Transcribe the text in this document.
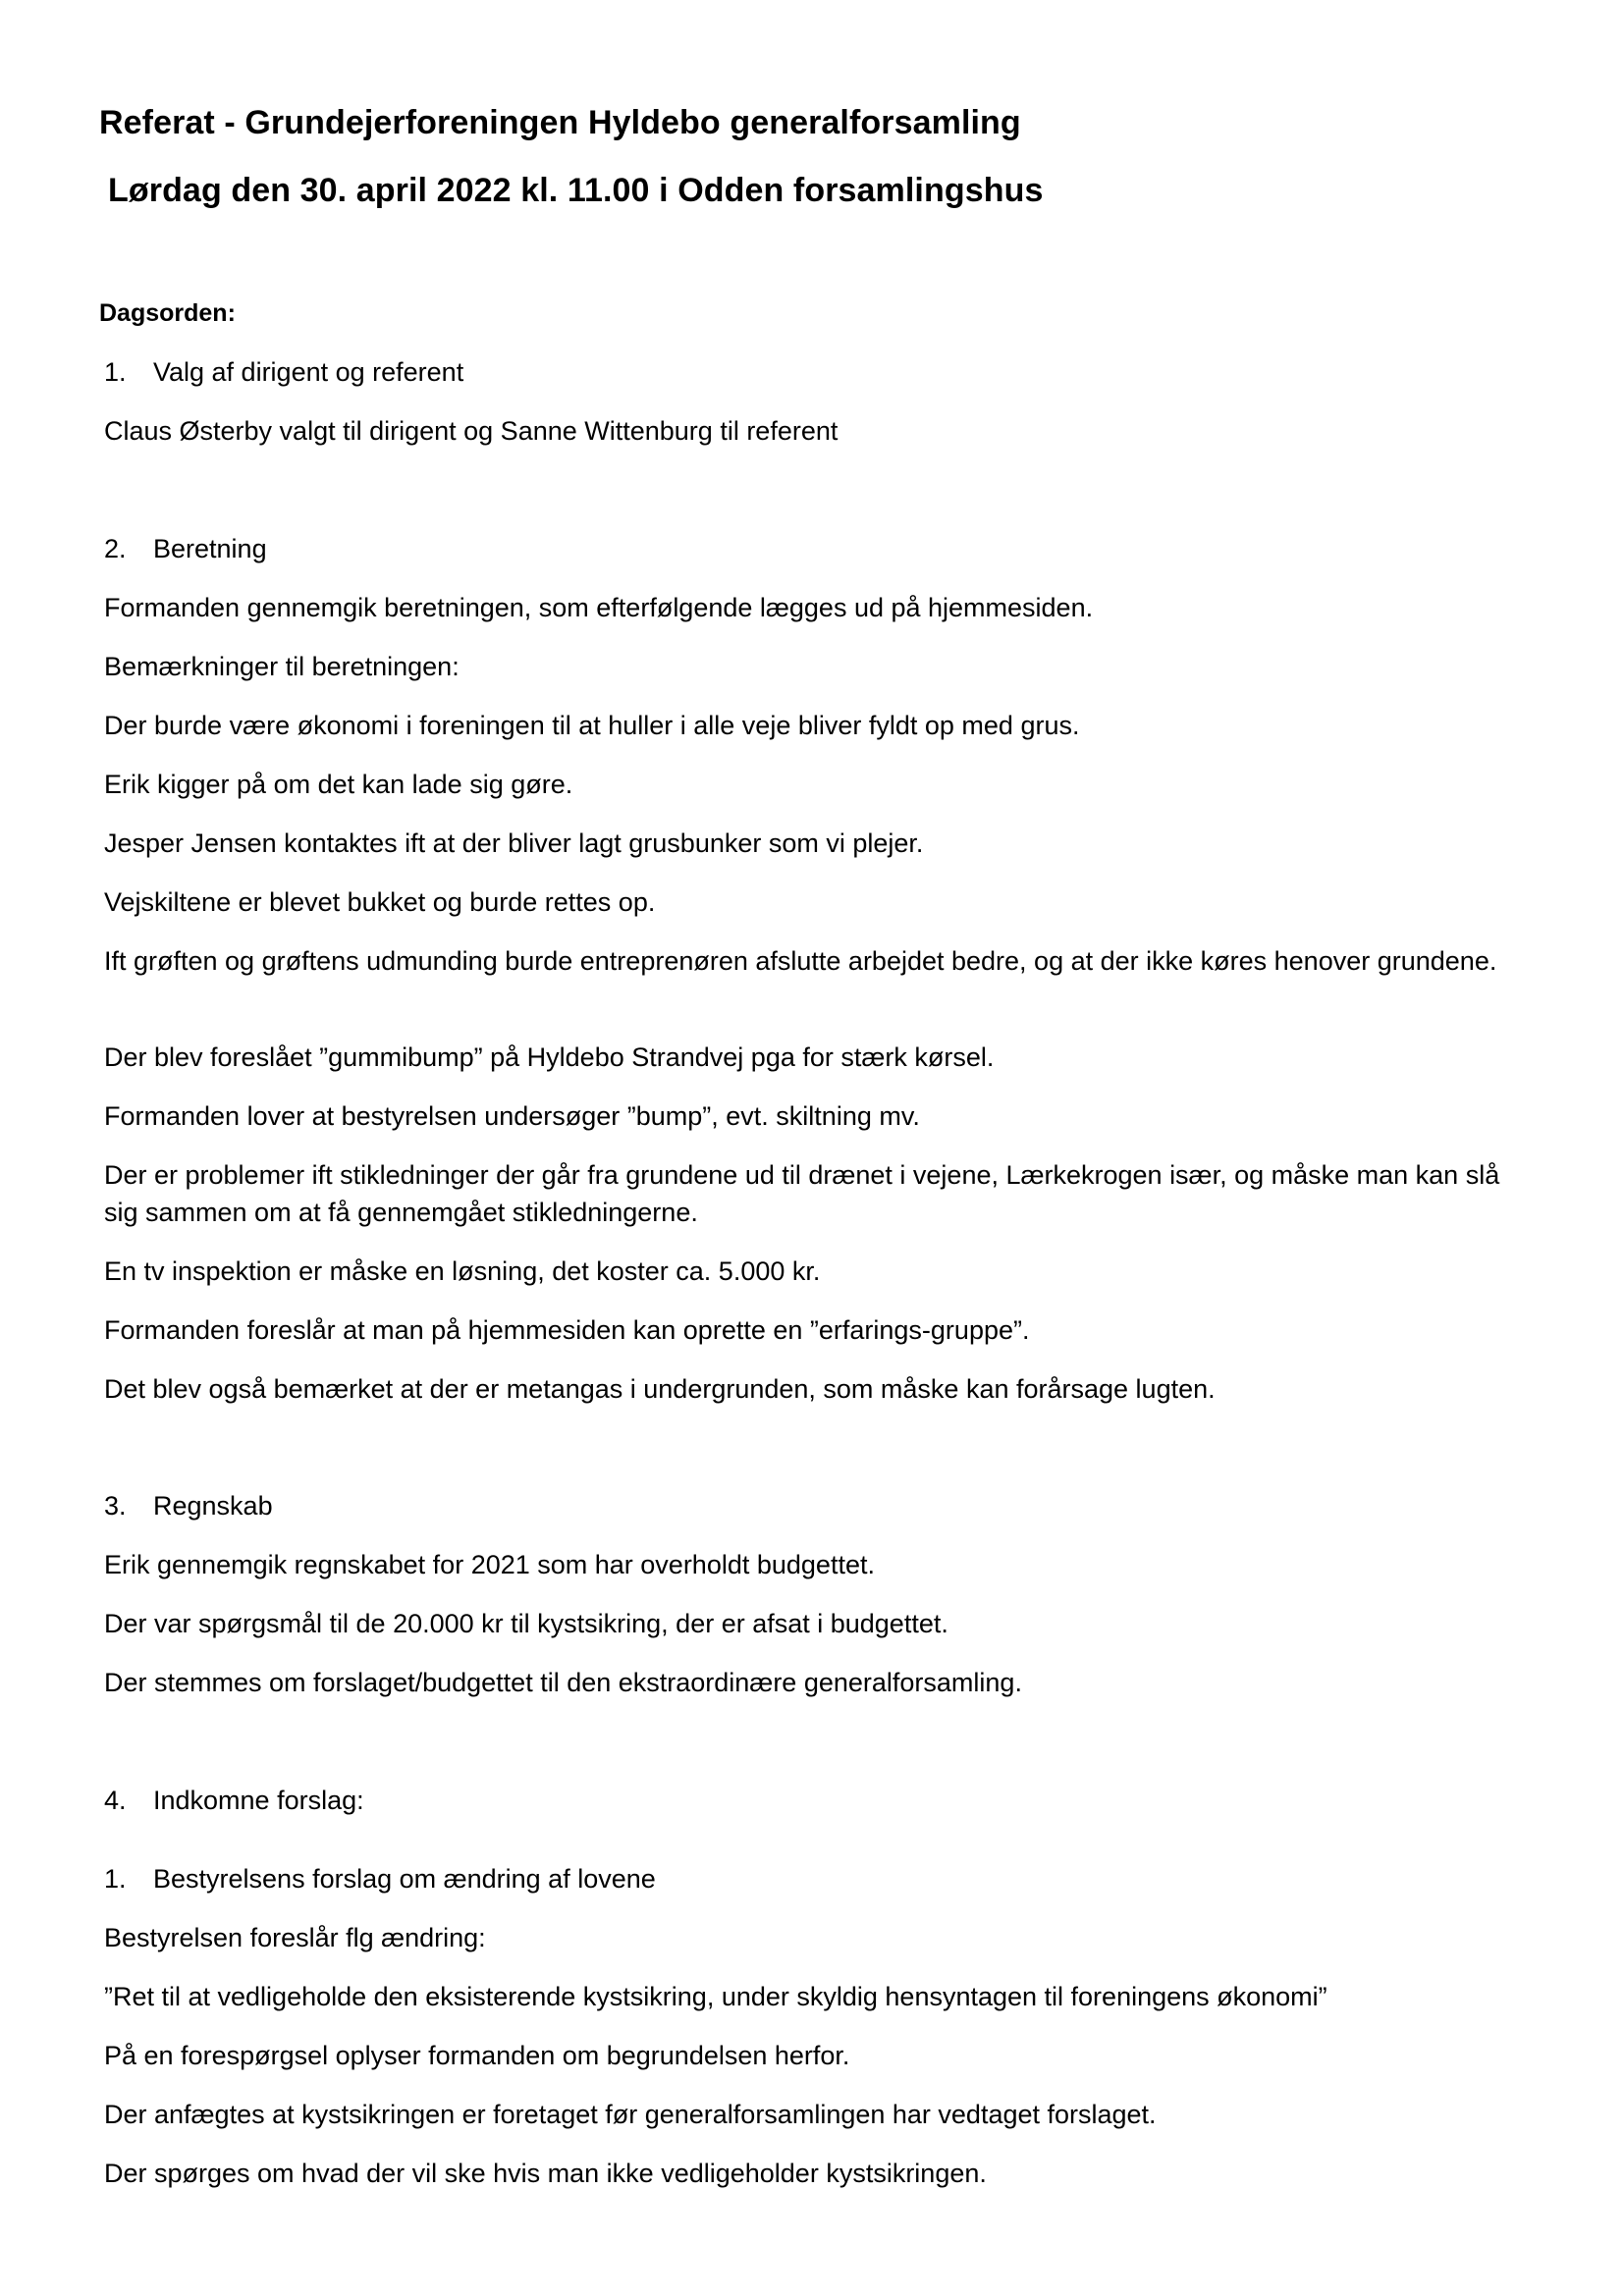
Referat - Grundejerforeningen Hyldebo generalforsamling
Lørdag den 30. april 2022 kl. 11.00 i Odden forsamlingshus
Dagsorden:
1. Valg af dirigent og referent
Claus Østerby valgt til dirigent og Sanne Wittenburg til referent
2. Beretning
Formanden gennemgik beretningen, som efterfølgende lægges ud på hjemmesiden.
Bemærkninger til beretningen:
Der burde være økonomi i foreningen til at huller i alle veje bliver fyldt op med grus.
Erik kigger på om det kan lade sig gøre.
Jesper Jensen kontaktes ift at der bliver lagt grusbunker som vi plejer.
Vejskiltene er blevet bukket og burde rettes op.
Ift grøften og grøftens udmunding burde entreprenøren afslutte arbejdet bedre, og at der ikke køres henover grundene.
Der blev foreslået ”gummibump” på Hyldebo Strandvej pga for stærk kørsel.
Formanden lover at bestyrelsen undersøger ”bump”, evt. skiltning mv.
Der er problemer ift stikledninger der går fra grundene ud til drænet i vejene, Lærkekrogen især, og måske man kan slå sig sammen om at få gennemgået stikledningerne.
En tv inspektion er måske en løsning, det koster ca. 5.000 kr.
Formanden foreslår at man på hjemmesiden kan oprette en ”erfarings-gruppe”.
Det blev også bemærket at der er metangas i undergrunden, som måske kan forårsage lugten.
3. Regnskab
Erik gennemgik regnskabet for 2021 som har overholdt budgettet.
Der var spørgsmål til de 20.000 kr til kystsikring, der er afsat i budgettet.
Der stemmes om forslaget/budgettet til den ekstraordinære generalforsamling.
4. Indkomne forslag:
1. Bestyrelsens forslag om ændring af lovene
Bestyrelsen foreslår flg ændring:
”Ret til at vedligeholde den eksisterende kystsikring, under skyldig hensyntagen til foreningens økonomi”
På en forespørgsel oplyser formanden om begrundelsen herfor.
Der anfægtes at kystsikringen er foretaget før generalforsamlingen har vedtaget forslaget.
Der spørges om hvad der vil ske hvis man ikke vedligeholder kystsikringen.
